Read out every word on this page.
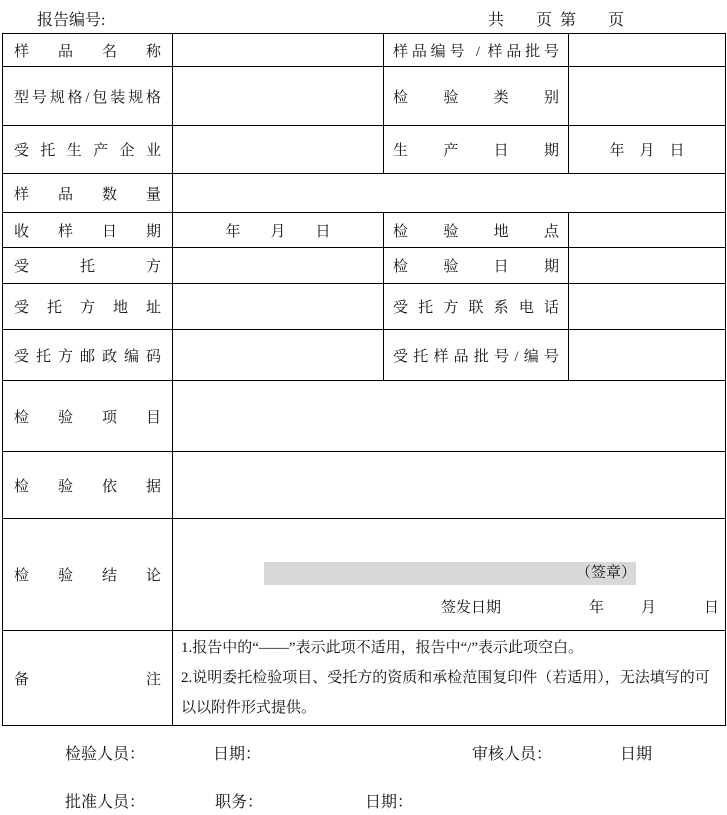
报告编号:	共　　页  第　　页
样品名称		样品编号 / 样品批号	
型号规格/包装规格		检验类别	
受托生产企业		生产日期	年　月　日
样品数量			
收样日期	年　　月　　日	检验地点	
受托方		检验日期	
受托方地址		受托方联系电话	
受托方邮政编码		受托样品批号/编号	
检验项目			
检验依据			
检验结论	（签章）
签发日期 年 月 日		

备注	1.报告中的“——”表示此项不适用，报告中“/”表示此项空白。
2.说明委托检验项目、受托方的资质和承检范围复印件（若适用），无法填写的可以以附件形式提供。		
检验人员：	日期：	审核人员：	日期
批准人员：	职务：	日期：
